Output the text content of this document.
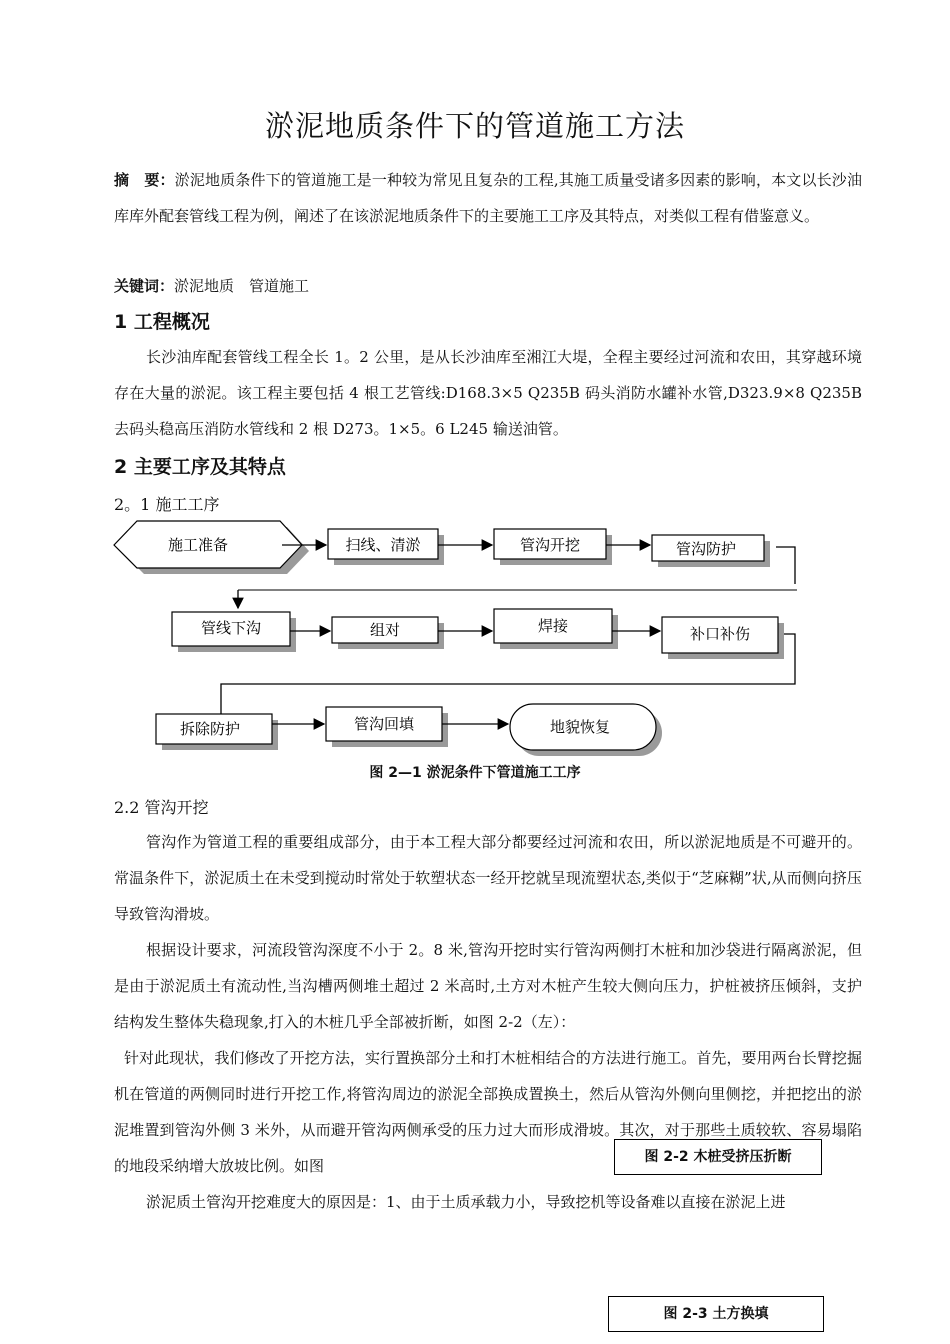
淤泥地质条件下的管道施工方法

摘　要：淤泥地质条件下的管道施工是一种较为常见且复杂的工程,其施工质量受诸多因素的影响，本文以长沙油库库外配套管线工程为例，阐述了在该淤泥地质条件下的主要施工工序及其特点，对类似工程有借鉴意义。

关键词：淤泥地质　管道施工

1 工程概况

长沙油库配套管线工程全长 1。2 公里，是从长沙油库至湘江大堤，全程主要经过河流和农田，其穿越环境存在大量的淤泥。该工程主要包括 4 根工艺管线:D168.3×5 Q235B 码头消防水罐补水管,D323.9×8 Q235B 去码头稳高压消防水管线和 2 根 D273。1×5。6 L245 输送油管。

2 主要工序及其特点
2。1 施工工序
施工准备	扫线、清淤	管沟开挖	管沟防护
管线下沟	组对	焊接	补口补伤
拆除防护	管沟回填	地貌恢复
图 2—1 淤泥条件下管道施工工序
2.2 管沟开挖

管沟作为管道工程的重要组成部分，由于本工程大部分都要经过河流和农田，所以淤泥地质是不可避开的。常温条件下，淤泥质土在未受到搅动时常处于软塑状态一经开挖就呈现流塑状态,类似于“芝麻糊”状,从而侧向挤压导致管沟滑坡。

根据设计要求，河流段管沟深度不小于 2。8 米,管沟开挖时实行管沟两侧打木桩和加沙袋进行隔离淤泥，但是由于淤泥质土有流动性,当沟槽两侧堆土超过 2 米高时,土方对木桩产生较大侧向压力，护桩被挤压倾斜，支护结构发生整体失稳现象,打入的木桩几乎全部被折断，如图 2-2（左）：

针对此现状，我们修改了开挖方法，实行置换部分土和打木桩相结合的方法进行施工。首先，要用两台长臂挖掘机在管道的两侧同时进行开挖工作,将管沟周边的淤泥全部换成置换土，然后从管沟外侧向里侧挖，并把挖出的淤泥堆置到管沟外侧 3 米外，从而避开管沟两侧承受的压力过大而形成滑坡。其次，对于那些土质较软、容易塌陷的地段采纳增大放坡比例。如图

淤泥质土管沟开挖难度大的原因是：1、由于土质承载力小，导致挖机等设备难以直接在淤泥上进

图 2-2 木桩受挤压折断
图 2-3 土方换填
